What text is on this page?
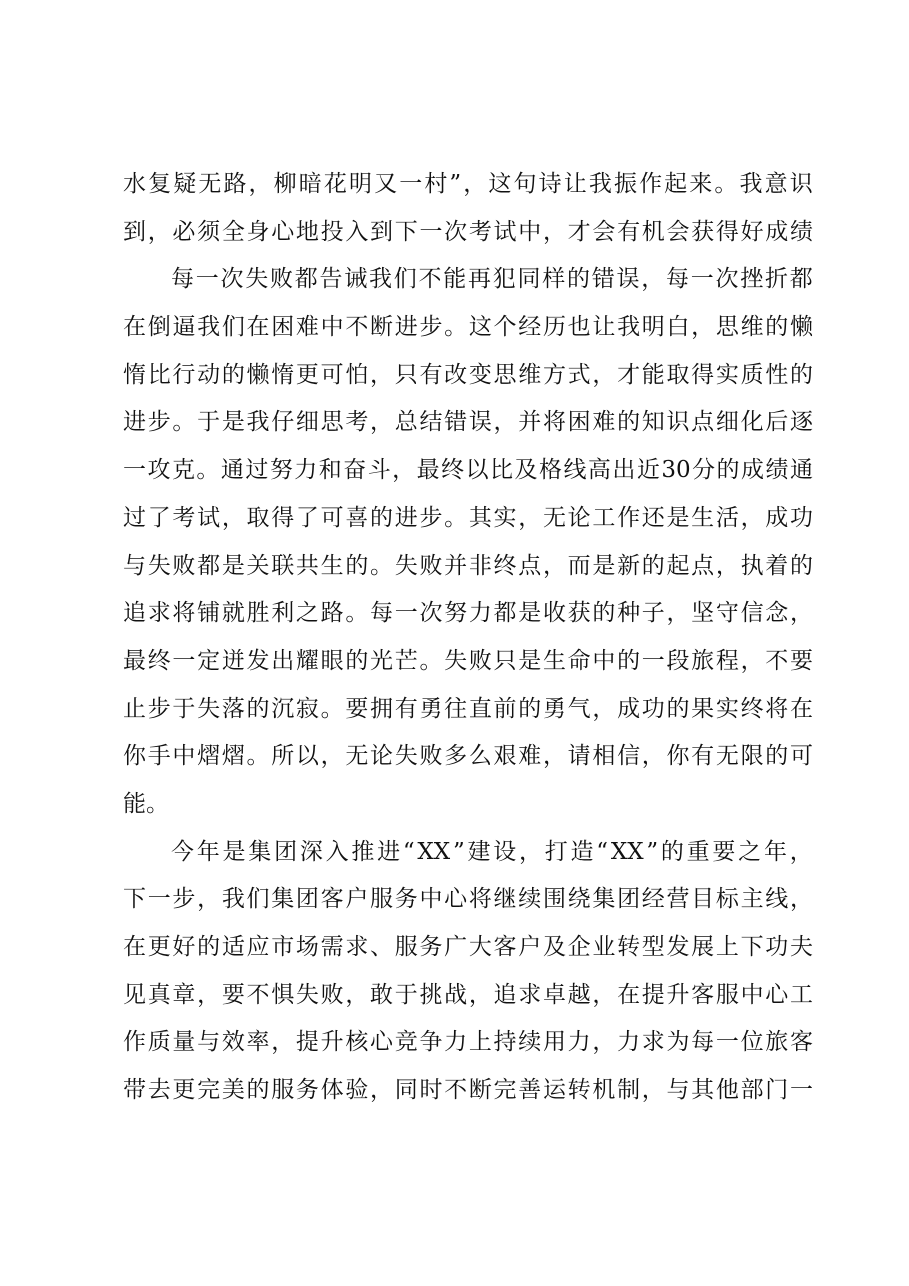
水 复 疑 无 路 ， 柳 暗 花 明 又 一 村 ” ， 这 句 诗 让 我 振 作 起 来 。 我 意 识
到 ， 必 须 全 身 心 地 投 入 到 下 一 次 考 试 中 ， 才 会 有 机 会 获 得 好 成 绩
每 一 次 失 败 都 告 诫 我 们 不 能 再 犯 同 样 的 错 误 ， 每 一 次 挫 折 都
在 倒 逼 我 们 在 困 难 中 不 断 进 步 。 这 个 经 历 也 让 我 明 白 ， 思 维 的 懒
惰 比 行 动 的 懒 惰 更 可 怕 ， 只 有 改 变 思 维 方 式 ， 才 能 取 得 实 质 性 的
进 步 。 于 是 我 仔 细 思 考 ， 总 结 错 误 ， 并 将 困 难 的 知 识 点 细 化 后 逐
一 攻 克 。 通 过 努 力 和 奋 斗 ， 最 终 以 比 及 格 线 高 出 近 30 分 的 成 绩 通
过 了 考 试 ， 取 得 了 可 喜 的 进 步 。 其 实 ， 无 论 工 作 还 是 生 活 ， 成 功
与 失 败 都 是 关 联 共 生 的 。 失 败 并 非 终 点 ， 而 是 新 的 起 点 ， 执 着 的
追 求 将 铺 就 胜 利 之 路 。 每 一 次 努 力 都 是 收 获 的 种 子 ， 坚 守 信 念 ，
最 终 一 定 迸 发 出 耀 眼 的 光 芒 。 失 败 只 是 生 命 中 的 一 段 旅 程 ， 不 要
止 步 于 失 落 的 沉 寂 。 要 拥 有 勇 往 直 前 的 勇 气 ， 成 功 的 果 实 终 将 在
你 手 中 熠 熠 。 所 以 ， 无 论 失 败 多 么 艰 难 ， 请 相 信 ， 你 有 无 限 的 可
能 。
今 年 是 集 团 深 入 推 进 “ XX ” 建 设 ， 打 造 “ XX ” 的 重 要 之 年 ，
下 一 步 ， 我 们 集 团 客 户 服 务 中 心 将 继 续 围 绕 集 团 经 营 目 标 主 线 ，
在 更 好 的 适 应 市 场 需 求 、 服 务 广 大 客 户 及 企 业 转 型 发 展 上 下 功 夫
见 真 章 ， 要 不 惧 失 败 ， 敢 于 挑 战 ， 追 求 卓 越 ， 在 提 升 客 服 中 心 工
作 质 量 与 效 率 ， 提 升 核 心 竞 争 力 上 持 续 用 力 ， 力 求 为 每 一 位 旅 客
带 去 更 完 美 的 服 务 体 验 ， 同 时 不 断 完 善 运 转 机 制 ， 与 其 他 部 门 一
